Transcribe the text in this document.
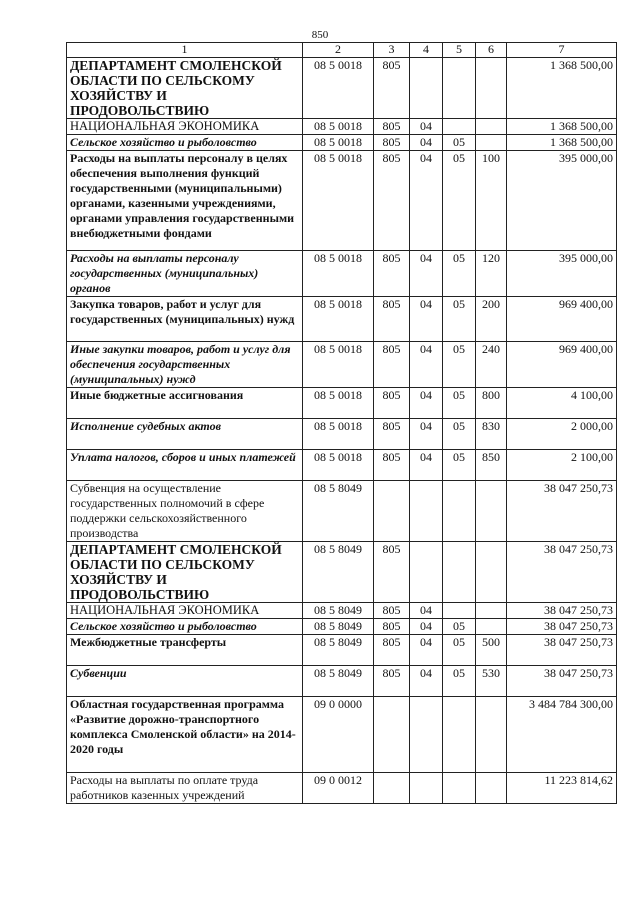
850
1	2	3	4	5	6	7
ДЕПАРТАМЕНТ СМОЛЕНСКОЙ ОБЛАСТИ ПО СЕЛЬСКОМУ ХОЗЯЙСТВУ И ПРОДОВОЛЬСТВИЮ	08 5 0018	805				1 368 500,00
НАЦИОНАЛЬНАЯ ЭКОНОМИКА	08 5 0018	805	04			1 368 500,00
Сельское хозяйство и рыболовство	08 5 0018	805	04	05		1 368 500,00
Расходы на выплаты персоналу в целях обеспечения выполнения функций государственными (муниципальными) органами, казенными учреждениями, органами управления государственными внебюджетными фондами	08 5 0018	805	04	05	100	395 000,00
Расходы на выплаты персоналу государственных (муниципальных) органов	08 5 0018	805	04	05	120	395 000,00
Закупка товаров, работ и услуг для государственных (муниципальных) нужд	08 5 0018	805	04	05	200	969 400,00
Иные закупки товаров, работ и услуг для обеспечения государственных (муниципальных) нужд	08 5 0018	805	04	05	240	969 400,00
Иные бюджетные ассигнования	08 5 0018	805	04	05	800	4 100,00
Исполнение судебных актов	08 5 0018	805	04	05	830	2 000,00
Уплата налогов, сборов и иных платежей	08 5 0018	805	04	05	850	2 100,00
Субвенция на осуществление государственных полномочий в сфере поддержки сельскохозяйственного производства	08 5 8049					38 047 250,73
ДЕПАРТАМЕНТ СМОЛЕНСКОЙ ОБЛАСТИ ПО СЕЛЬСКОМУ ХОЗЯЙСТВУ И ПРОДОВОЛЬСТВИЮ	08 5 8049	805				38 047 250,73
НАЦИОНАЛЬНАЯ ЭКОНОМИКА	08 5 8049	805	04			38 047 250,73
Сельское хозяйство и рыболовство	08 5 8049	805	04	05		38 047 250,73
Межбюджетные трансферты	08 5 8049	805	04	05	500	38 047 250,73
Субвенции	08 5 8049	805	04	05	530	38 047 250,73
Областная государственная программа «Развитие дорожно-транспортного комплекса Смоленской области» на 2014-2020 годы	09 0 0000					3 484 784 300,00
Расходы на выплаты по оплате труда работников казенных учреждений	09 0 0012					11 223 814,62
